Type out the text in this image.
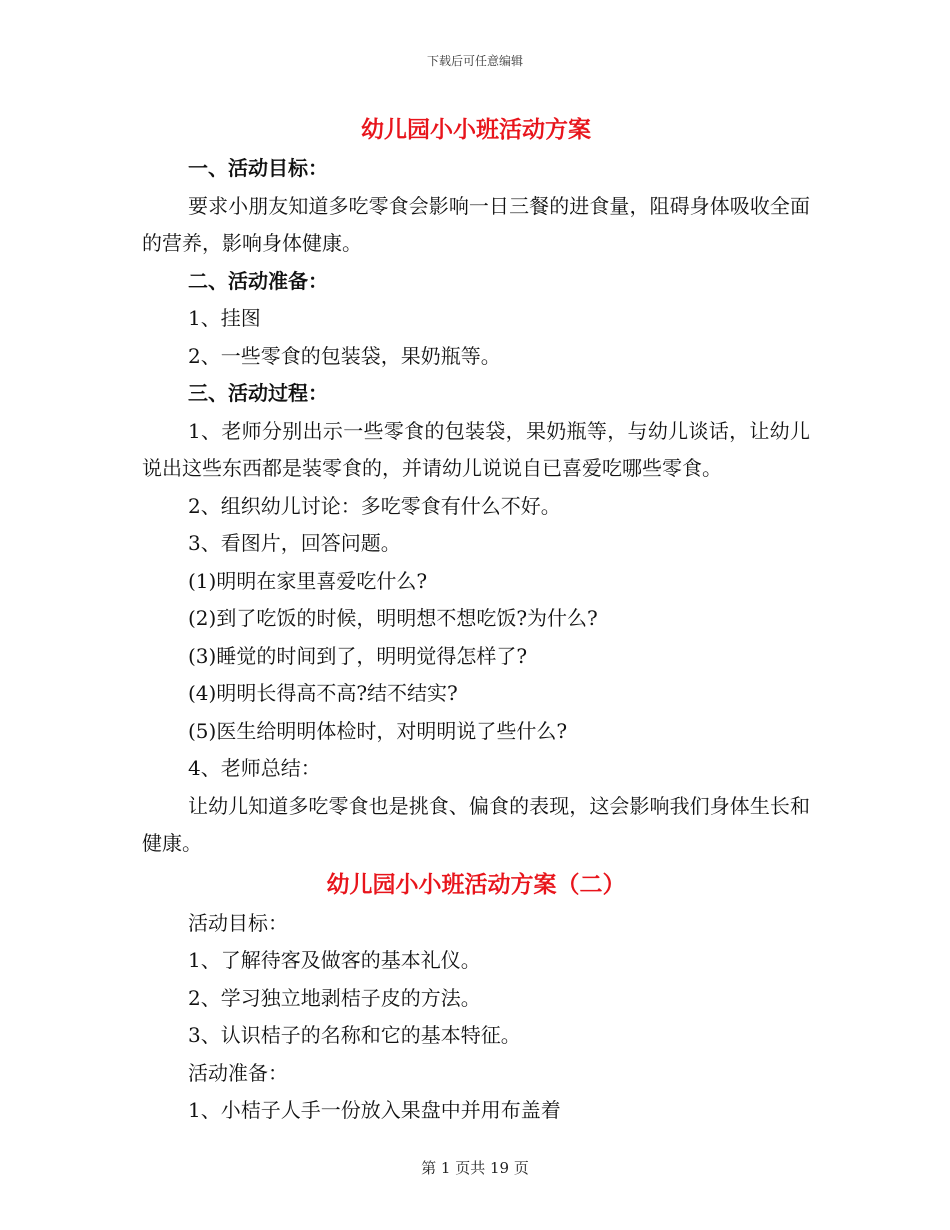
下载后可任意编辑
幼儿园小小班活动方案
一、活动目标：
要求小朋友知道多吃零食会影响一日三餐的进食量，阻碍身体吸收全面的营养，影响身体健康。
二、活动准备：
1、挂图
2、一些零食的包装袋，果奶瓶等。
三、活动过程：
1、老师分别出示一些零食的包装袋，果奶瓶等，与幼儿谈话，让幼儿说出这些东西都是装零食的，并请幼儿说说自已喜爱吃哪些零食。
2、组织幼儿讨论：多吃零食有什么不好。
3、看图片，回答问题。
(1)明明在家里喜爱吃什么?
(2)到了吃饭的时候，明明想不想吃饭?为什么?
(3)睡觉的时间到了，明明觉得怎样了?
(4)明明长得高不高?结不结实?
(5)医生给明明体检时，对明明说了些什么?
4、老师总结：
让幼儿知道多吃零食也是挑食、偏食的表现，这会影响我们身体生长和健康。
幼儿园小小班活动方案（二）
活动目标：
1、了解待客及做客的基本礼仪。
2、学习独立地剥桔子皮的方法。
3、认识桔子的名称和它的基本特征。
活动准备：
1、小桔子人手一份放入果盘中并用布盖着
第 1 页共 19 页
